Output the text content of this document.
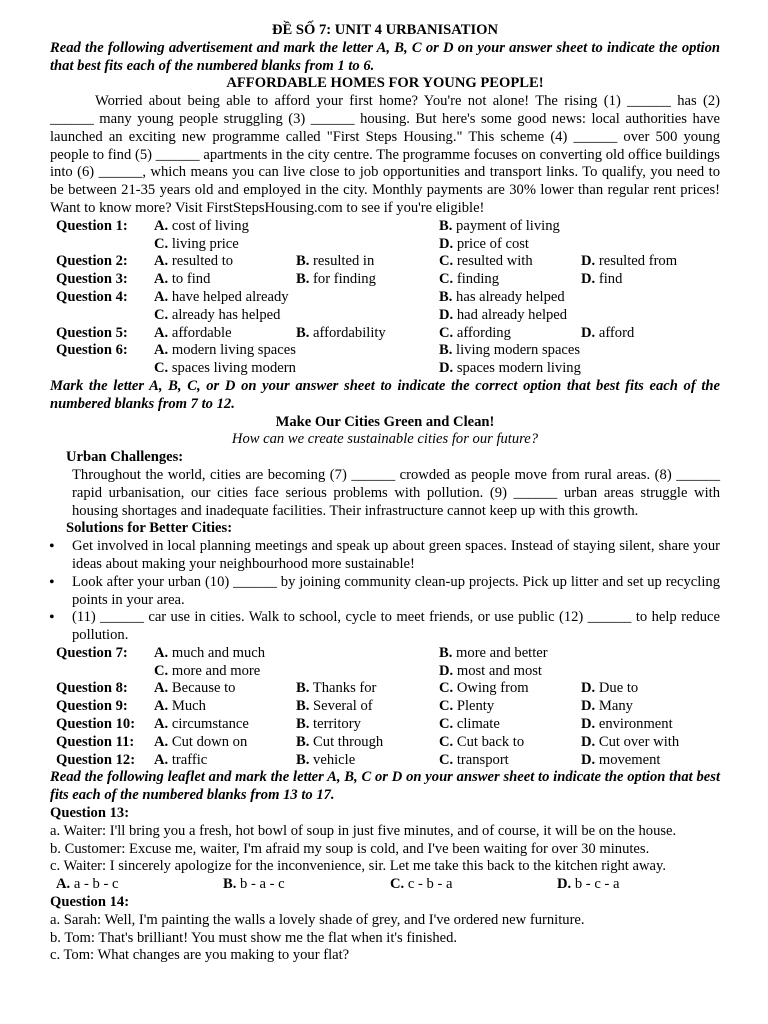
ĐỀ SỐ 7: UNIT 4 URBANISATION
Read the following advertisement and mark the letter A, B, C or D on your answer sheet to indicate the option that best fits each of the numbered blanks from 1 to 6.
AFFORDABLE HOMES FOR YOUNG PEOPLE!

Worried about being able to afford your first home? You're not alone! The rising (1) ______ has (2) ______ many young people struggling (3) ______ housing. But here's some good news: local authorities have launched an exciting new programme called "First Steps Housing." This scheme (4) ______ over 500 young people to find (5) ______ apartments in the city centre. The programme focuses on converting old office buildings into (6) ______, which means you can live close to job opportunities and transport links. To qualify, you need to be between 21-35 years old and employed in the city. Monthly payments are 30% lower than regular rent prices! Want to know more? Visit FirstStepsHousing.com to see if you're eligible!

Question 1: A. cost of living	B. payment of living
C. living price	D. price of cost
Question 2: A. resulted to	B. resulted in	C. resulted with	D. resulted from
Question 3: A. to find	B. for finding	C. finding	D. find
Question 4: A. have helped already	B. has already helped
C. already has helped	D. had already helped
Question 5: A. affordable	B. affordability	C. affording	D. afford
Question 6: A. modern living spaces	B. living modern spaces
C. spaces living modern	D. spaces modern living
Mark the letter A, B, C, or D on your answer sheet to indicate the correct option that best fits each of the numbered blanks from 7 to 12.
Make Our Cities Green and Clean!
How can we create sustainable cities for our future?
Urban Challenges:

Throughout the world, cities are becoming (7) ______ crowded as people move from rural areas. (8) ______ rapid urbanisation, our cities face serious problems with pollution. (9) ______ urban areas struggle with housing shortages and inadequate facilities. Their infrastructure cannot keep up with this growth.

Solutions for Better Cities:
• Get involved in local planning meetings and speak up about green spaces. Instead of staying silent, share your ideas about making your neighbourhood more sustainable!
• Look after your urban (10) ______ by joining community clean-up projects. Pick up litter and set up recycling points in your area.
• (11) ______ car use in cities. Walk to school, cycle to meet friends, or use public (12) ______ to help reduce pollution.
Question 7: A. much and much	B. more and better
C. more and more	D. most and most
Question 8: A. Because to	B. Thanks for	C. Owing from	D. Due to
Question 9: A. Much	B. Several of	C. Plenty	D. Many
Question 10: A. circumstance	B. territory	C. climate	D. environment
Question 11: A. Cut down on	B. Cut through	C. Cut back to	D. Cut over with
Question 12: A. traffic	B. vehicle	C. transport	D. movement
Read the following leaflet and mark the letter A, B, C or D on your answer sheet to indicate the option that best fits each of the numbered blanks from 13 to 17.
Question 13:
a. Waiter: I'll bring you a fresh, hot bowl of soup in just five minutes, and of course, it will be on the house.
b. Customer: Excuse me, waiter, I'm afraid my soup is cold, and I've been waiting for over 30 minutes.
c. Waiter: I sincerely apologize for the inconvenience, sir. Let me take this back to the kitchen right away.
A. a - b - c	B. b - a - c	C. c - b - a	D. b - c - a
Question 14:
a. Sarah: Well, I'm painting the walls a lovely shade of grey, and I've ordered new furniture.
b. Tom: That's brilliant! You must show me the flat when it's finished.
c. Tom: What changes are you making to your flat?
